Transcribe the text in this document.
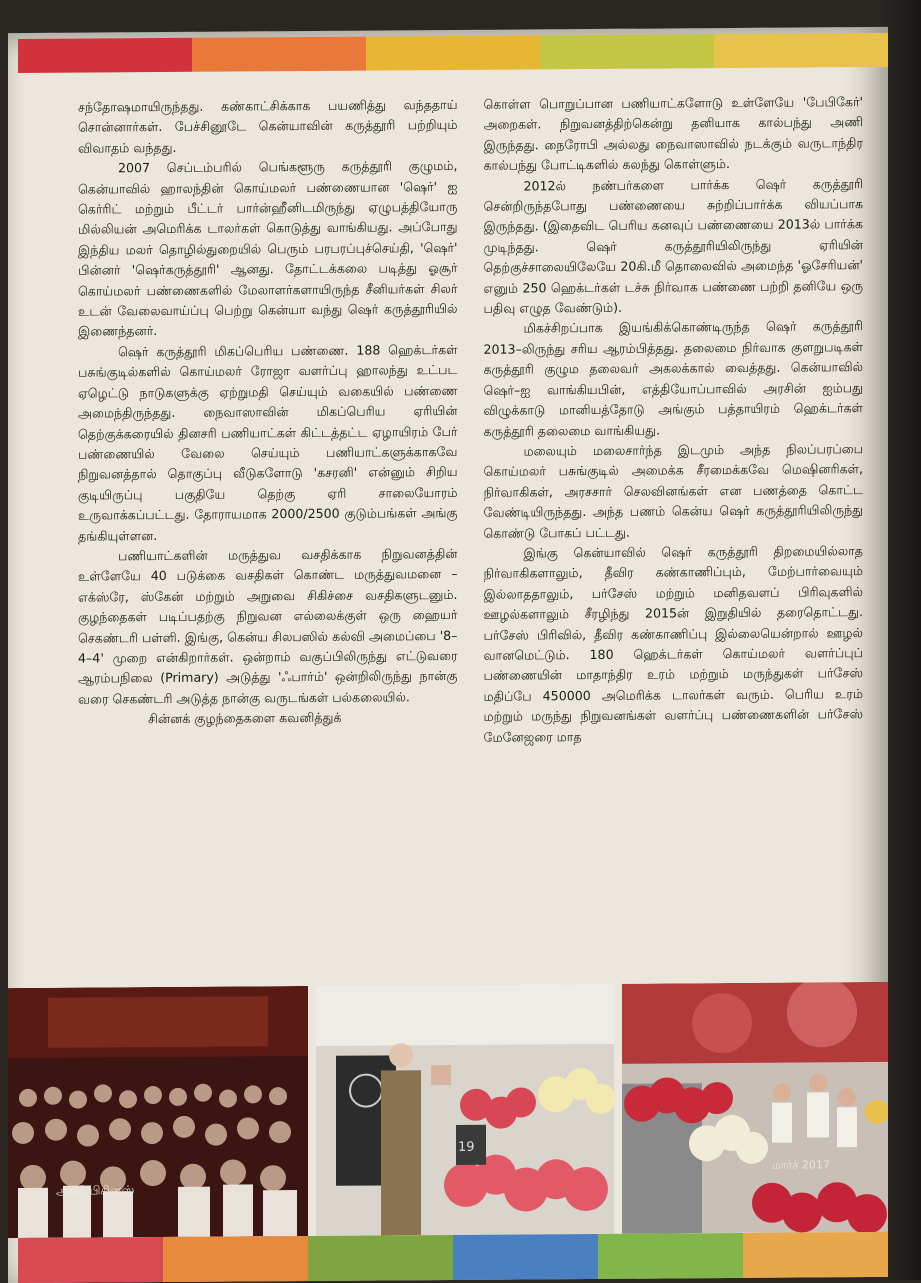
சந்தோஷமாயிருந்தது. கண்காட்சிக்காக பயணித்து வந்ததாய் சொன்னார்கள். பேச்சினூடே கென்யாவின் கருத்தூரி பற்றியும் விவாதம் வந்தது.

2007 செப்டம்பரில் பெங்களூரு கருத்தூரி குழுமம், கென்யாவில் ஹாலந்தின் கொய்மலர் பண்ணையான 'ஷெர்' ஐ கெர்ரிட் மற்றும் பீட்டர் பார்ன்ஹீனிடமிருந்து ஏழுபத்தியோரு மில்லியன் அமெரிக்க டாலர்கள் கொடுத்து வாங்கியது. அப்போது இந்திய மலர் தொழில்துறையில் பெரும் பரபரப்புச்செய்தி, 'ஷெர்' பின்னர் 'ஷெர்கருத்தூரி' ஆனது. தோட்டக்கலை படித்து ஓசூர் கொய்மலர் பண்ணைகளில் மேலாளர்களாயிருந்த சீனியர்கள் சிலர் உடன் வேலைவாய்ப்பு பெற்று கென்யா வந்து ஷெர் கருத்தூரியில் இணைந்தனர்.

ஷெர் கருத்தூரி மிகப்பெரிய பண்ணை. 188 ஹெக்டர்கள் பசுங்குடில்களில் கொய்மலர் ரோஜா வளர்ப்பு ஹாலந்து உட்பட ஏழெட்டு நாடுகளுக்கு ஏற்றுமதி செய்யும் வகையில் பண்ணை அமைந்திருந்தது. நைவாஸாவின் மிகப்பெரிய ஏரியின் தெற்குக்கரையில் தினசரி பணியாட்கள் கிட்டத்தட்ட ஏழாயிரம் பேர் பண்ணையில் வேலை செய்யும் பணியாட்களுக்காகவே நிறுவனத்தால் தொகுப்பு வீடுகளோடு 'கசரனி' என்னும் சிறிய குடியிருப்பு பகுதியே தெற்கு ஏரி சாலையோரம் உருவாக்கப்பட்டது. தோராயமாக 2000/2500 குடும்பங்கள் அங்கு தங்கியுள்ளன.

பணியாட்களின் மருத்துவ வசதிக்காக நிறுவனத்தின் உள்ளேயே 40 படுக்கை வசதிகள் கொண்ட மருத்துவமனை – எக்ஸ்ரே, ஸ்கேன் மற்றும் அறுவை சிகிச்சை வசதிகளுடனும். குழந்தைகள் படிப்பதற்கு நிறுவன எல்லைக்குள் ஒரு ஹையர் செகண்டரி பள்ளி. இங்கு, கென்ய சிலபஸில் கல்வி அமைப்பை '8–4–4' முறை என்கிறார்கள். ஒன்றாம் வகுப்பிலிருந்து எட்டுவரை ஆரம்பநிலை (Primary) அடுத்து 'ஃபார்ம்' ஒன்றிலிருந்து நான்கு வரை செகண்டரி அடுத்த நான்கு வருடங்கள் பல்கலையில்.

சின்னக் குழந்தைகளை கவனித்துக்

கொள்ள பொறுப்பான பணியாட்களோடு உள்ளேயே 'பேபிகேர்' அறைகள். நிறுவனத்திற்கென்று தனியாக கால்பந்து அணி இருந்தது. நைரோபி அல்லது நைவாஸாவில் நடக்கும் வருடாந்திர கால்பந்து போட்டிகளில் கலந்து கொள்ளும்.

2012ல் நண்பர்களை பார்க்க ஷெர் கருத்தூரி சென்றிருந்தபோது பண்ணையை சுற்றிப்பார்க்க வியப்பாக இருந்தது. (இதைவிட பெரிய கனவுப் பண்ணையை 2013ல் பார்க்க முடிந்தது. ஷெர் கருத்தூரியிலிருந்து ஏரியின் தெற்குச்சாலையிலேயே 20கி.மீ தொலைவில் அமைந்த 'ஓசேரியன்' எனும் 250 ஹெக்டர்கள் டச்சு நிர்வாக பண்ணை பற்றி தனியே ஒரு பதிவு எழுத வேண்டும்).

மிகச்சிறப்பாக இயங்கிக்கொண்டிருந்த ஷெர் கருத்தூரி 2013–லிருந்து சரிய ஆரம்பித்தது. தலைமை நிர்வாக குளறுபடிகள் கருத்தூரி குழும தலைவர் அகலக்கால் வைத்தது. கென்யாவில் ஷெர்–ஐ வாங்கியபின், எத்தியோப்பாவில் அரசின் ஐம்பது விழுக்காடு மானியத்தோடு அங்கும் பத்தாயிரம் ஹெக்டர்கள் கருத்தூரி தலைமை வாங்கியது.

மலையும் மலைசார்ந்த இடமும் அந்த நிலப்பரப்பை கொய்மலர் பசுங்குடில் அமைக்க சீரமைக்கவே மெஷினரிகள், நிர்வாகிகள், அரசசார் செலவினங்கள் என பணத்தை கொட்ட வேண்டியிருந்தது. அந்த பணம் கென்ய ஷெர் கருத்தூரியிலிருந்து கொண்டு போகப் பட்டது.

இங்கு கென்யாவில் ஷெர் கருத்தூரி திறமையில்லாத நிர்வாகிகளாலும், தீவிர கண்காணிப்பும், மேற்பார்வையும் இல்லாததாலும், பர்சேஸ் மற்றும் மனிதவளப் பிரிவுகளில் ஊழல்களாலும் சீரழிந்து 2015ன் இறுதியில் தரைதொட்டது. பர்சேஸ் பிரிவில், தீவிர கண்காணிப்பு இல்லையென்றால் ஊழல் வானமெட்டும். 180 ஹெக்டர்கள் கொய்மலர் வளர்ப்புப் பண்ணையின் மாதாந்திர உரம் மற்றும் மருந்துகள் பர்சேஸ் மதிப்பே 450000 அமெரிக்க டாலர்கள் வரும். பெரிய உரம் மற்றும் மருந்து நிறுவனங்கள் வளர்ப்பு பண்ணைகளின் பர்சேஸ் மேனேஜரை மாத

அக்ரி பிசினஸ்
19
மார்ச் 2017
